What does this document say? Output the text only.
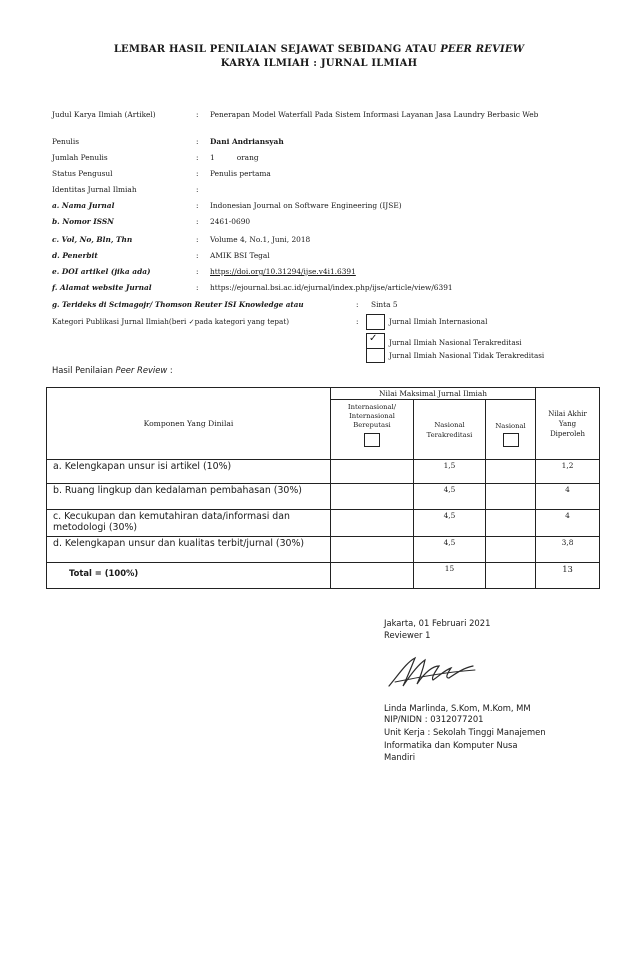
LEMBAR HASIL PENILAIAN SEJAWAT SEBIDANG ATAU PEER REVIEW
KARYA ILMIAH : JURNAL ILMIAH
Judul Karya Ilmiah (Artikel)	: Penerapan Model Waterfall Pada Sistem Informasi Layanan Jasa Laundry Berbasic Web
Penulis	: Dani Andriansyah
Jumlah Penulis	: 1	orang
Status Pengusul	: Penulis pertama
Identitas Jurnal Ilmiah	:
a. Nama Jurnal	: Indonesian Journal on Software Engineering (IJSE)
b. Nomor ISSN	: 2461-0690
c. Vol, No, Bln, Thn	: Volume 4, No.1, Juni, 2018
d. Penerbit	: AMIK BSI Tegal
e. DOI artikel (jika ada)	: https://doi.org/10.31294/ijse.v4i1.6391
f. Alamat website Jurnal	: https://ejournal.bsi.ac.id/ejurnal/index.php/ijse/article/view/6391
g. Terideks di Scimagojr/ Thomson Reuter ISI Knowledge atau	: Sinta 5
Kategori Publikasi Jurnal Ilmiah(beri ✓pada kategori yang tepat)	:
✓
Jurnal Ilmiah Internasional
Jurnal Ilmiah Nasional Terakreditasi
Jurnal Ilmiah Nasional Tidak Terakreditasi
Hasil Penilaian Peer Review :
Komponen Yang Dinilai	Nilai Maksimal Jurnal Ilmiah			Nilai Akhir Yang Diperoleh

	Internasional/ Internasional Bereputasi	Nasional Terakreditasi	Nasional	

a. Kelengkapan unsur isi artikel (10%)		1,5		1,2
b. Ruang lingkup dan kedalaman pembahasan (30%)		4,5		4
c. Kecukupan dan kemutahiran data/informasi dan metodologi (30%)		4,5		4
d. Kelengkapan unsur dan kualitas terbit/jurnal (30%)		4,5		3,8
Total = (100%)		15		13
Jakarta, 01 Februari 2021
Reviewer 1
Linda Marlinda, S.Kom, M.Kom, MM
NIP/NIDN : 0312077201
Unit Kerja : Sekolah Tinggi Manajemen
Informatika dan Komputer Nusa
Mandiri
